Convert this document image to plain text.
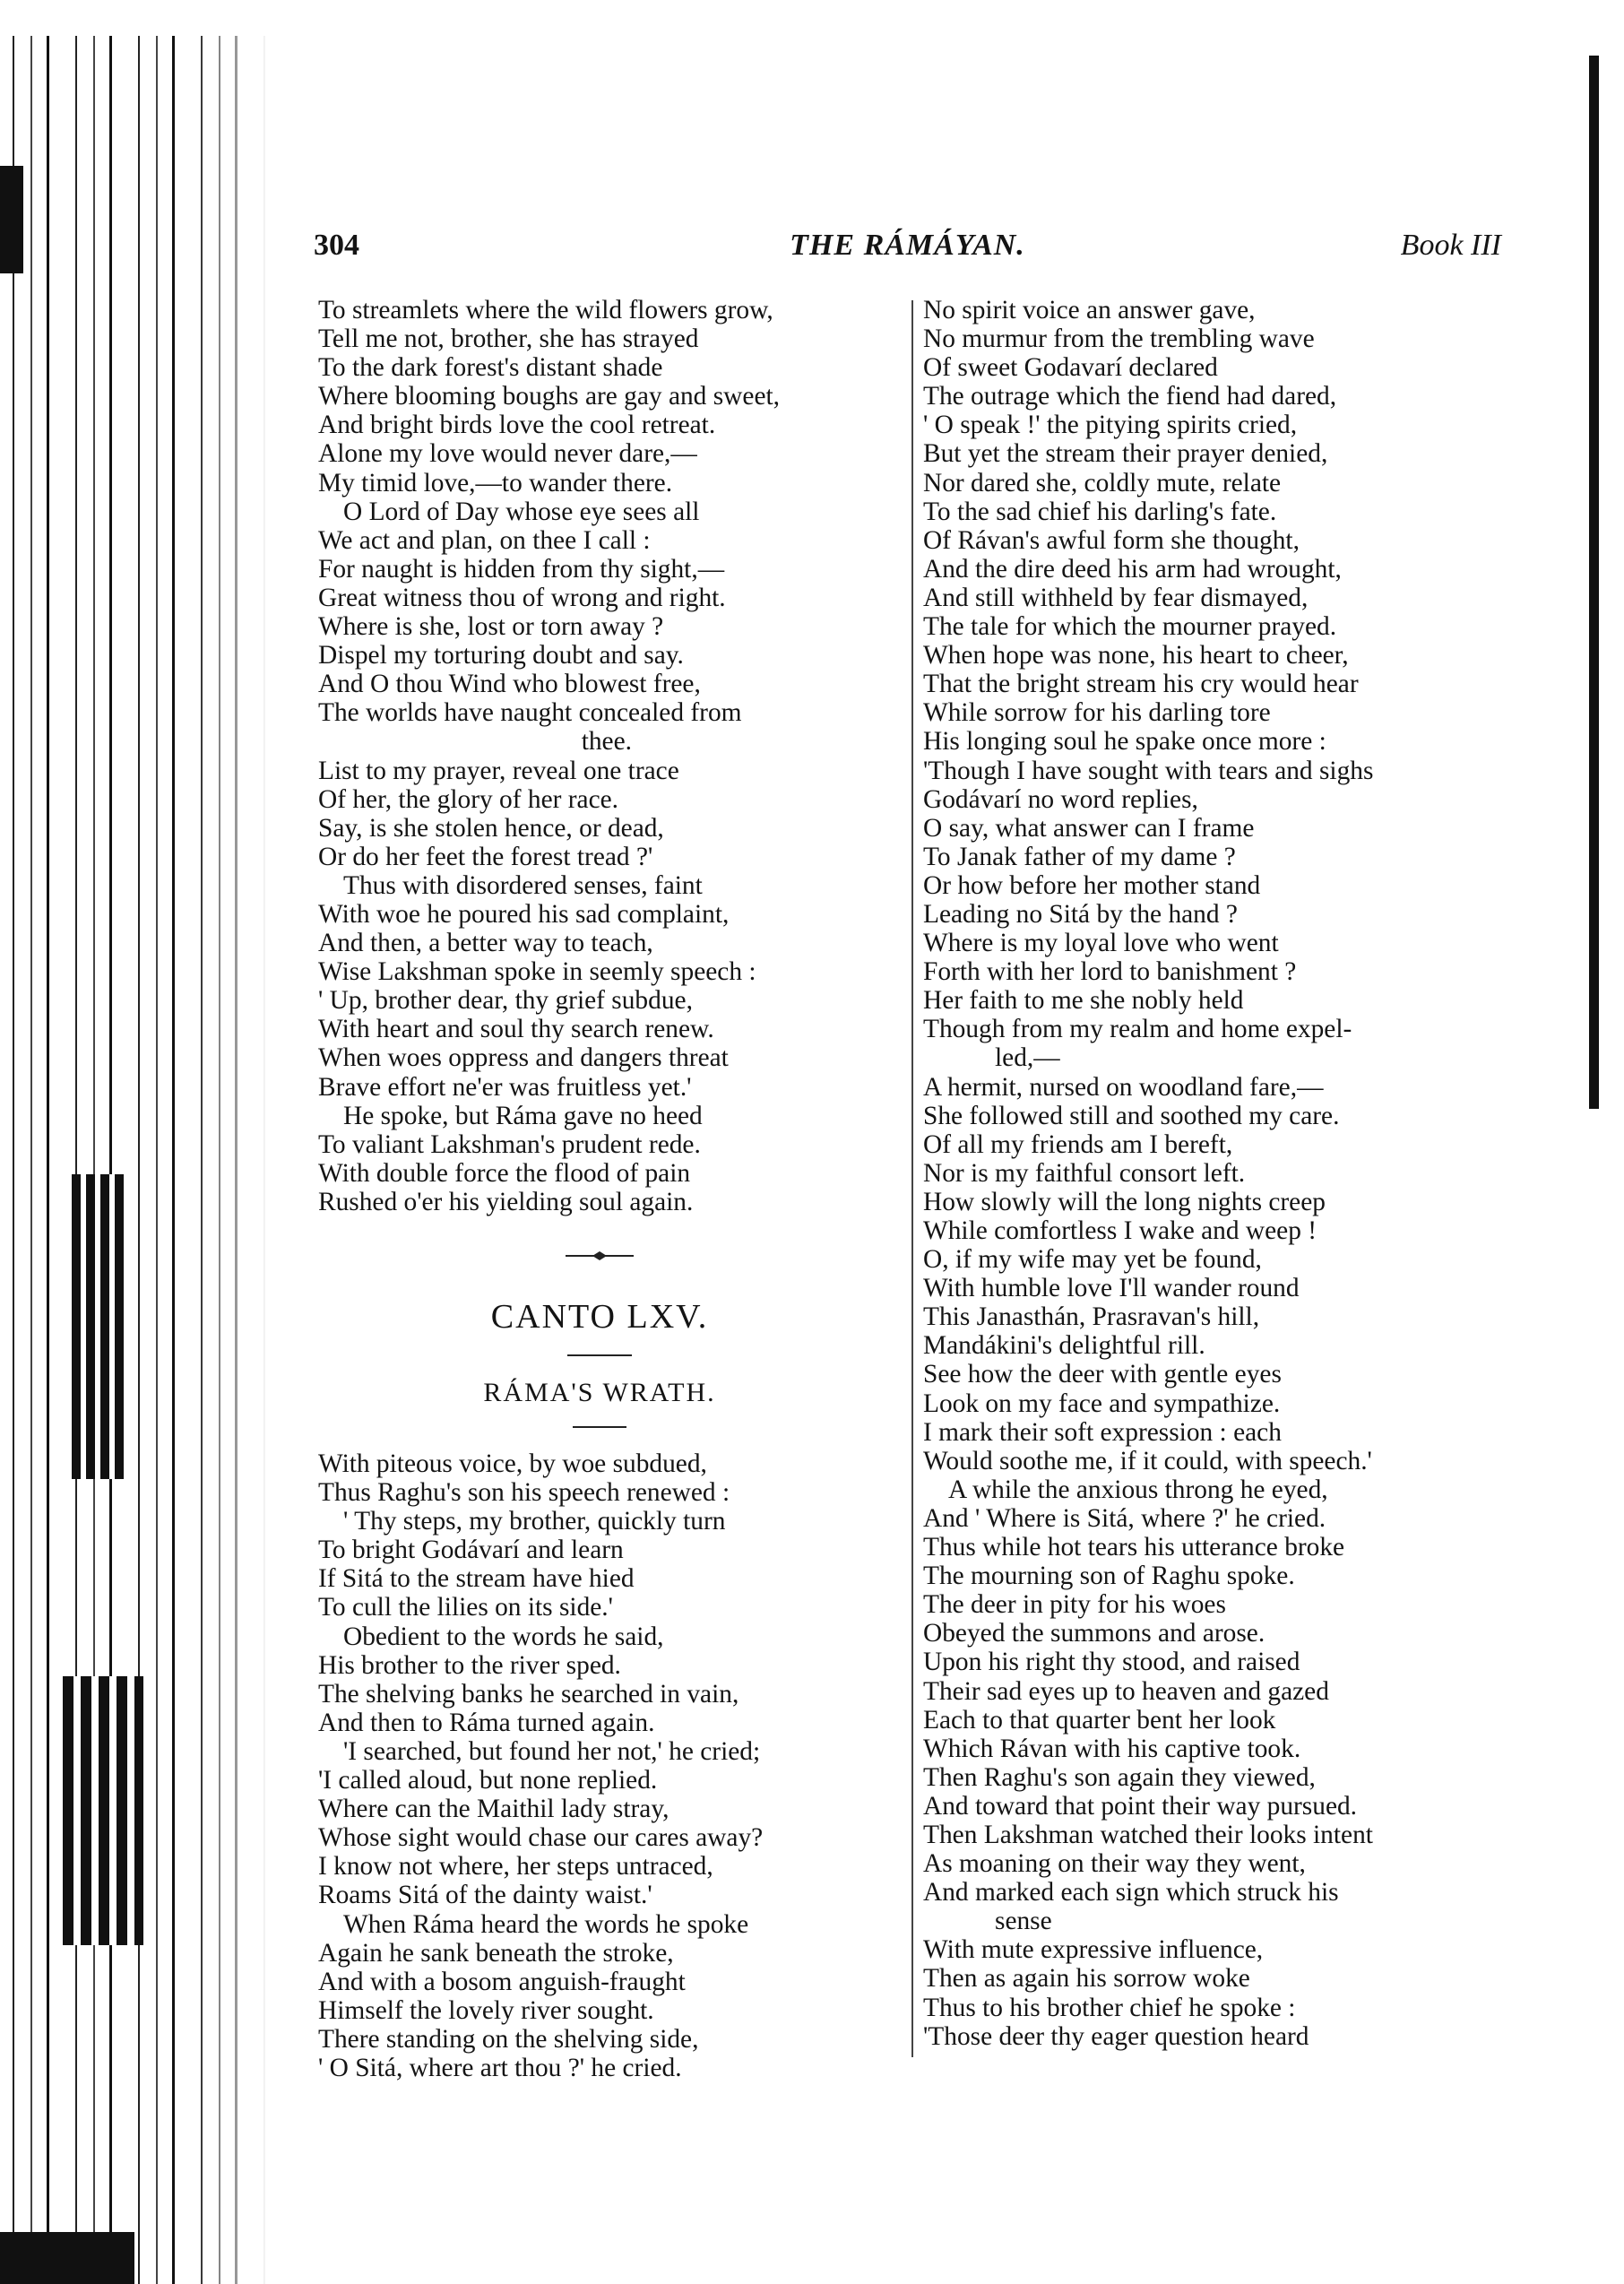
304	THE RÁMÁYAN.	Book III
To streamlets where the wild flowers grow,
Tell me not, brother, she has strayed
To the dark forest's distant shade
Where blooming boughs are gay and sweet,
And bright birds love the cool retreat.
Alone my love would never dare,—
My timid love,—to wander there.
O Lord of Day whose eye sees all
We act and plan, on thee I call :
For naught is hidden from thy sight,—
Great witness thou of wrong and right.
Where is she, lost or torn away ?
Dispel my torturing doubt and say.
And O thou Wind who blowest free,
The worlds have naught concealed from
thee.
List to my prayer, reveal one trace
Of her, the glory of her race.
Say, is she stolen hence, or dead,
Or do her feet the forest tread ?'
Thus with disordered senses, faint
With woe he poured his sad complaint,
And then, a better way to teach,
Wise Lakshman spoke in seemly speech :
' Up, brother dear, thy grief subdue,
With heart and soul thy search renew.
When woes oppress and dangers threat
Brave effort ne'er was fruitless yet.'
He spoke, but Ráma gave no heed
To valiant Lakshman's prudent rede.
With double force the flood of pain
Rushed o'er his yielding soul again.
CANTO LXV.
RÁMA'S WRATH.
With piteous voice, by woe subdued,
Thus Raghu's son his speech renewed :
' Thy steps, my brother, quickly turn
To bright Godávarí and learn
If Sitá to the stream have hied
To cull the lilies on its side.'
Obedient to the words he said,
His brother to the river sped.
The shelving banks he searched in vain,
And then to Ráma turned again.
'I searched, but found her not,' he cried;
'I called aloud, but none replied.
Where can the Maithil lady stray,
Whose sight would chase our cares away?
I know not where, her steps untraced,
Roams Sitá of the dainty waist.'
When Ráma heard the words he spoke
Again he sank beneath the stroke,
And with a bosom anguish-fraught
Himself the lovely river sought.
There standing on the shelving side,
' O Sitá, where art thou ?' he cried.
No spirit voice an answer gave,
No murmur from the trembling wave
Of sweet Godavarí declared
The outrage which the fiend had dared,
' O speak !' the pitying spirits cried,
But yet the stream their prayer denied,
Nor dared she, coldly mute, relate
To the sad chief his darling's fate.
Of Rávan's awful form she thought,
And the dire deed his arm had wrought,
And still withheld by fear dismayed,
The tale for which the mourner prayed.
When hope was none, his heart to cheer,
That the bright stream his cry would hear
While sorrow for his darling tore
His longing soul he spake once more :
'Though I have sought with tears and sighs
Godávarí no word replies,
O say, what answer can I frame
To Janak father of my dame ?
Or how before her mother stand
Leading no Sitá by the hand ?
Where is my loyal love who went
Forth with her lord to banishment ?
Her faith to me she nobly held
Though from my realm and home expel-
led,—
A hermit, nursed on woodland fare,—
She followed still and soothed my care.
Of all my friends am I bereft,
Nor is my faithful consort left.
How slowly will the long nights creep
While comfortless I wake and weep !
O, if my wife may yet be found,
With humble love I'll wander round
This Janasthán, Prasravan's hill,
Mandákini's delightful rill.
See how the deer with gentle eyes
Look on my face and sympathize.
I mark their soft expression : each
Would soothe me, if it could, with speech.'
A while the anxious throng he eyed,
And ' Where is Sitá, where ?' he cried.
Thus while hot tears his utterance broke
The mourning son of Raghu spoke.
The deer in pity for his woes
Obeyed the summons and arose.
Upon his right thy stood, and raised
Their sad eyes up to heaven and gazed
Each to that quarter bent her look
Which Rávan with his captive took.
Then Raghu's son again they viewed,
And toward that point their way pursued.
Then Lakshman watched their looks intent
As moaning on their way they went,
And marked each sign which struck his
sense
With mute expressive influence,
Then as again his sorrow woke
Thus to his brother chief he spoke :
'Those deer thy eager question heard
